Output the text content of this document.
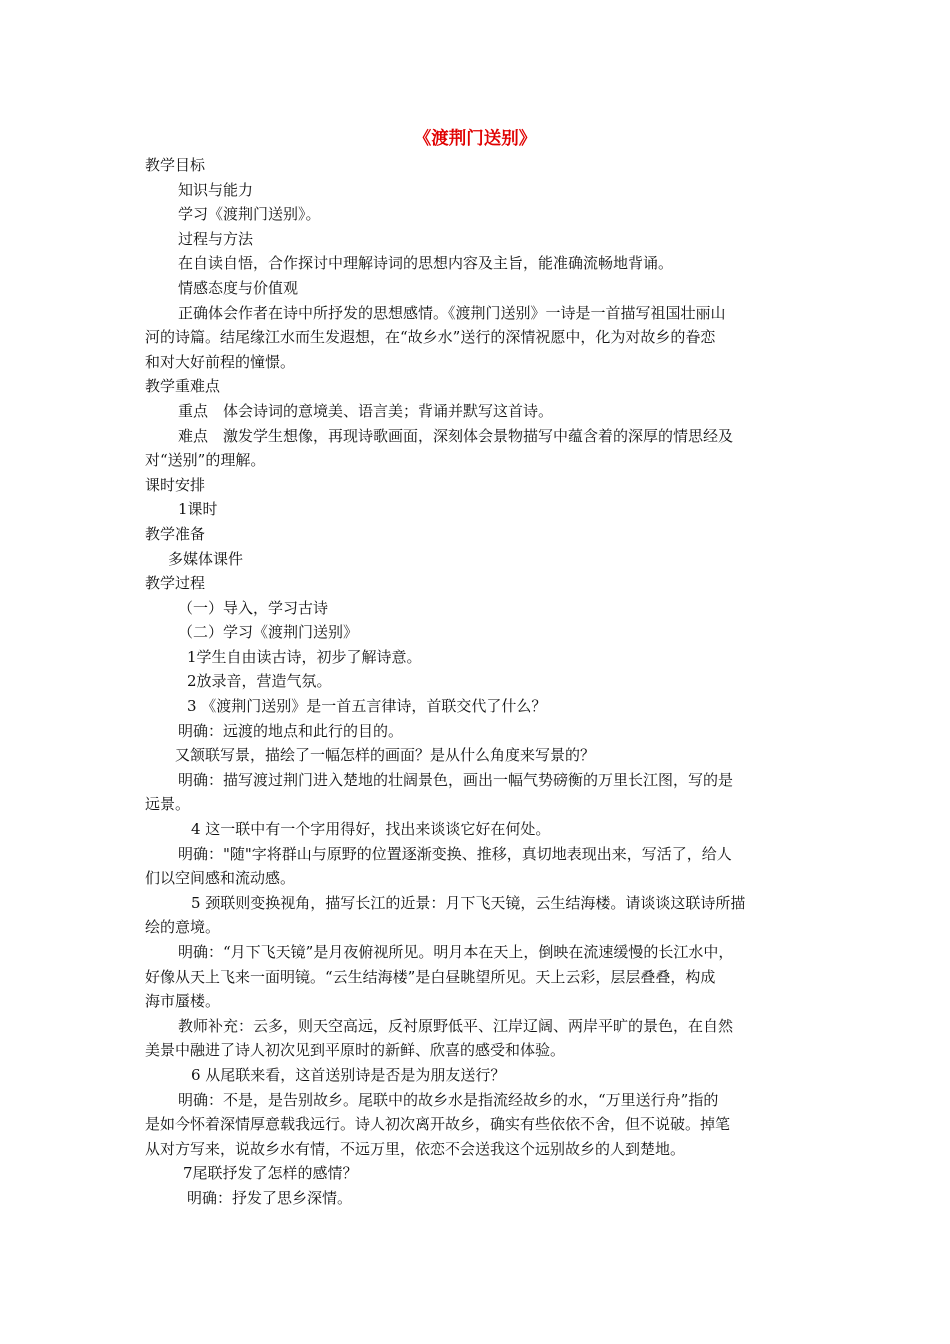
《渡荆门送别》
教学目标
知识与能力
学习《渡荆门送别》。
过程与方法
在自读自悟，合作探讨中理解诗词的思想内容及主旨，能准确流畅地背诵。
情感态度与价值观
正确体会作者在诗中所抒发的思想感情。《渡荆门送别》一诗是一首描写祖国壮丽山
河的诗篇。结尾缘江水而生发遐想，在“故乡水”送行的深情祝愿中，化为对故乡的眷恋
和对大好前程的憧憬。
教学重难点
重点　体会诗词的意境美、语言美；背诵并默写这首诗。
难点　激发学生想像，再现诗歌画面，深刻体会景物描写中蕴含着的深厚的情思经及
对“送别”的理解。
课时安排
1课时
教学准备
多媒体课件
教学过程
（一）导入，学习古诗
（二）学习《渡荆门送别》
1学生自由读古诗，初步了解诗意。
2放录音，营造气氛。
3 《渡荆门送别》是一首五言律诗，首联交代了什么？
明确：远渡的地点和此行的目的。
又颔联写景，描绘了一幅怎样的画面？是从什么角度来写景的？
明确：描写渡过荆门进入楚地的壮阔景色，画出一幅气势磅衡的万里长江图，写的是
远景。
4 这一联中有一个字用得好，找出来谈谈它好在何处。
明确："随"字将群山与原野的位置逐渐变换、推移，真切地表现出来，写活了，给人
们以空间感和流动感。
5 颈联则变换视角，描写长江的近景：月下飞天镜，云生结海楼。请谈谈这联诗所描
绘的意境。
明确：“月下飞天镜”是月夜俯视所见。明月本在天上，倒映在流速缓慢的长江水中，
好像从天上飞来一面明镜。“云生结海楼”是白昼眺望所见。天上云彩，层层叠叠，构成
海市蜃楼。
教师补充：云多，则天空高远，反衬原野低平、江岸辽阔、两岸平旷的景色，在自然
美景中融进了诗人初次见到平原时的新鲜、欣喜的感受和体验。
6 从尾联来看，这首送别诗是否是为朋友送行？
明确：不是，是告别故乡。尾联中的故乡水是指流经故乡的水，“万里送行舟”指的
是如今怀着深情厚意载我远行。诗人初次离开故乡，确实有些依依不舍，但不说破。掉笔
从对方写来，说故乡水有情，不远万里，依恋不会送我这个远别故乡的人到楚地。
7尾联抒发了怎样的感情？
明确：抒发了思乡深情。
